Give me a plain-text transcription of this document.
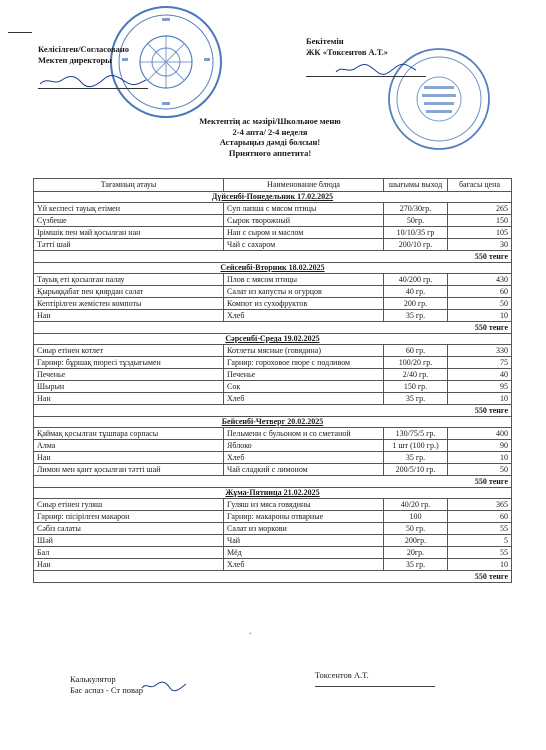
Келісілген/Согласовано
Мектеп директоры
Бекітемін
ЖК «Токсентов А.Т.»
Мектептің ас мәзірі/Школьное меню
2-4 апта/ 2-4 неделя
Астарыңыз дәмді болсын!
Приятного аппетита!
Тағамның атауы	Наименование блюда	шығымы выход	бағасы цена
Дүйсенбі-Понедельник 17.02.2025			
Үй кеспесі тауық етімен	Суп лапша с мясом птицы	270/30гр.	265
Сүзбеше	Сырок творожный	50гр.	150
Ірімшік пен май қосылған нан	Нан с сыром и маслом	10/10/35 гр	105
Тәтті шай	Чай с сахаром	200/10 гр.	30
550 тенге			
Сейсенбі-Вторник 18.02.2025			
Тауық еті қосылған палау	Плов с мясом птицы	40/200 гр.	430
Қырыққабат пен қиярдан салат	Салат из капусты и огурцов	40 гр.	60
Кептірілген жемістен компоты	Компот из сухофруктов	200 гр.	50
Нан	Хлеб	35 гр.	10
550 тенге			
Сәрсенбі-Среда 19.02.2025			
Сиыр етінен котлет	Котлеты мясные (говядина)	60 гр.	330
Гарнир: бұршақ пюресі тұздығымен	Гарнир: гороховое пюре с подливом	100/20 гр.	75
Печенье	Печенье	2/40 гр.	40
Шырын	Сок	150 гр.	95
Нан	Хлеб	35 гр.	10
550 тенге			
Бейсенбі-Четверг 20.02.2025			
Қаймақ қосылған тұшпара сорпасы	Пельмени с бульоном и со сметаной	130/75/5 гр.	400
Алма	Яблоко	1 шт (100 гр.)	90
Нан	Хлеб	35 гр.	10
Лимон мен қант қосылған тәтті шай	Чай сладкий с лимоном	200/5/10 гр.	50
550 тенге			
Жұма-Пятница 21.02.2025			
Сиыр етінен гуляш	Гуляш из мяса говядины	40/20 гр.	365
Гарнир: пісірілген макарон	Гарнир: макароны отварные	100	60
Сәбіз салаты	Салат из моркови	50 гр.	55
Шәй	Чай	200гр.	5
Бал	Мёд	20гр.	55
Нан	Хлеб	35 гр.	10
550 тенге			
*
Калькулятор
Бас аспаз - Ст повар
Токсентов А.Т.
